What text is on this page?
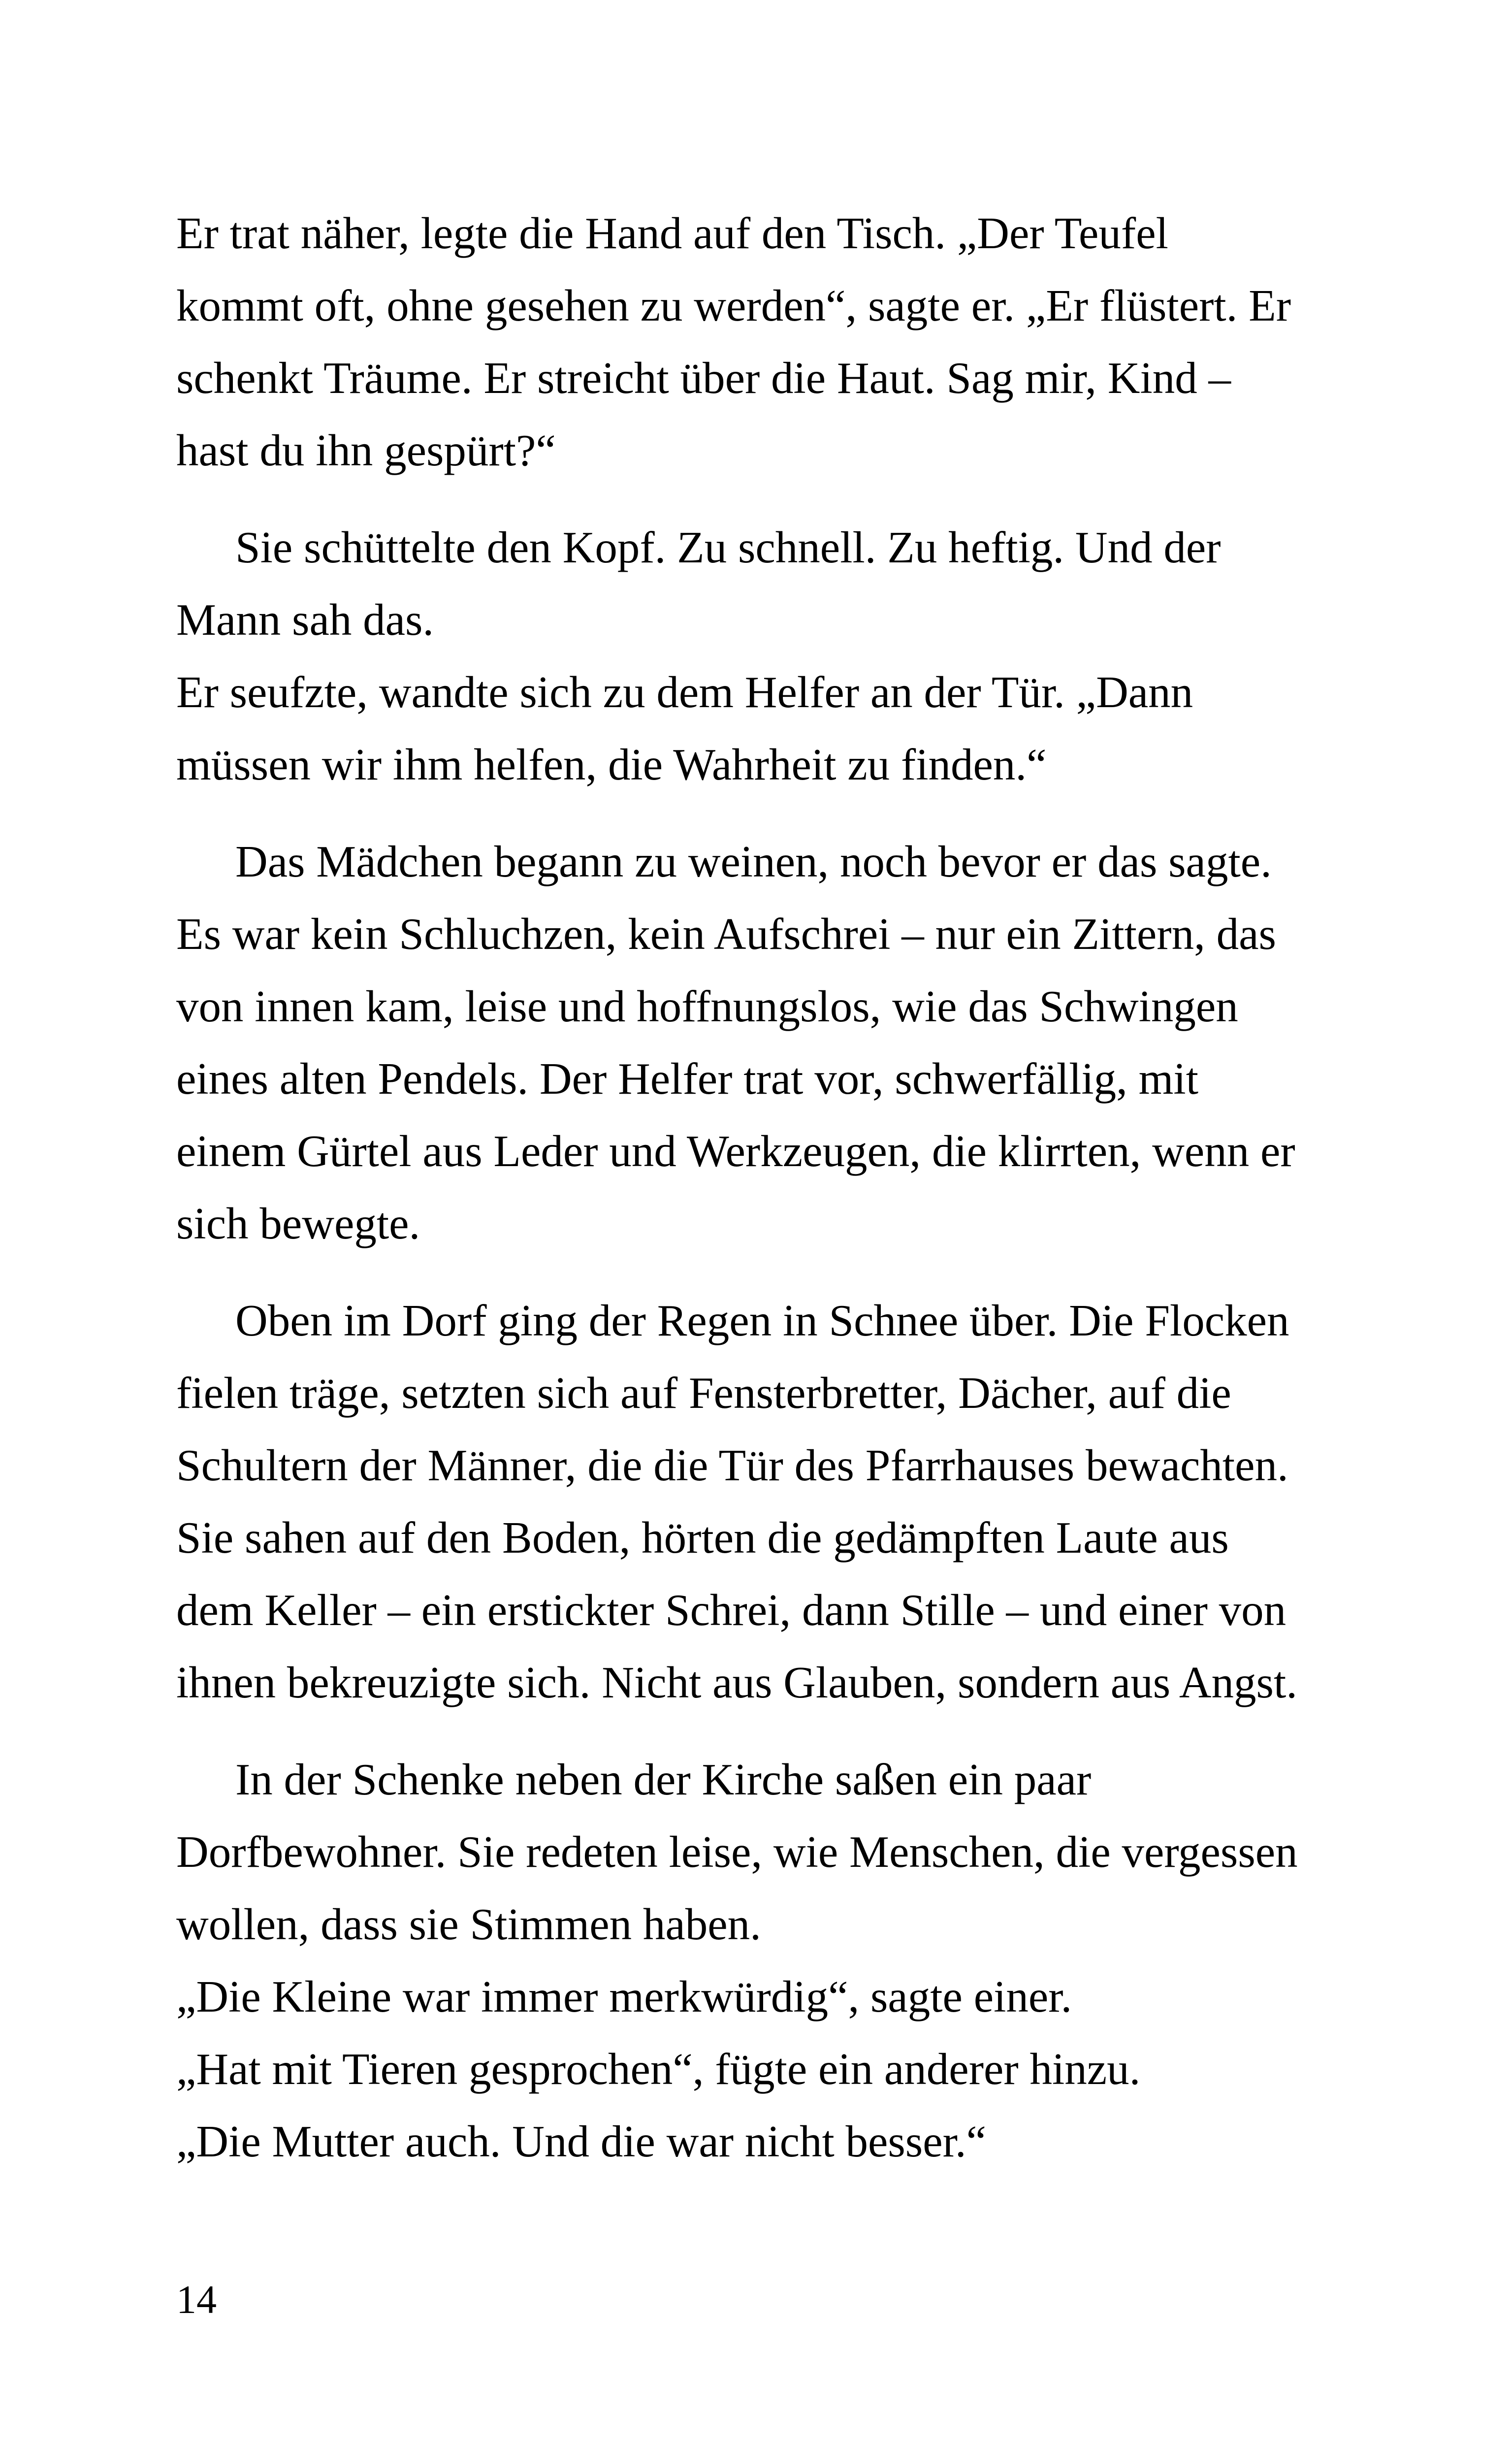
Er trat näher, legte die Hand auf den Tisch. „Der Teufel
kommt oft, ohne gesehen zu werden“, sagte er. „Er flüstert. Er
schenkt Träume. Er streicht über die Haut. Sag mir, Kind –
hast du ihn gespürt?“

Sie schüttelte den Kopf. Zu schnell. Zu heftig. Und der
Mann sah das.
Er seufzte, wandte sich zu dem Helfer an der Tür. „Dann
müssen wir ihm helfen, die Wahrheit zu finden.“

Das Mädchen begann zu weinen, noch bevor er das sagte.
Es war kein Schluchzen, kein Aufschrei – nur ein Zittern, das
von innen kam, leise und hoffnungslos, wie das Schwingen
eines alten Pendels. Der Helfer trat vor, schwerfällig, mit
einem Gürtel aus Leder und Werkzeugen, die klirrten, wenn er
sich bewegte.

Oben im Dorf ging der Regen in Schnee über. Die Flocken
fielen träge, setzten sich auf Fensterbretter, Dächer, auf die
Schultern der Männer, die die Tür des Pfarrhauses bewachten.
Sie sahen auf den Boden, hörten die gedämpften Laute aus
dem Keller – ein erstickter Schrei, dann Stille – und einer von
ihnen bekreuzigte sich. Nicht aus Glauben, sondern aus Angst.

In der Schenke neben der Kirche saßen ein paar
Dorfbewohner. Sie redeten leise, wie Menschen, die vergessen
wollen, dass sie Stimmen haben.
„Die Kleine war immer merkwürdig“, sagte einer.
„Hat mit Tieren gesprochen“, fügte ein anderer hinzu.
„Die Mutter auch. Und die war nicht besser.“

14
